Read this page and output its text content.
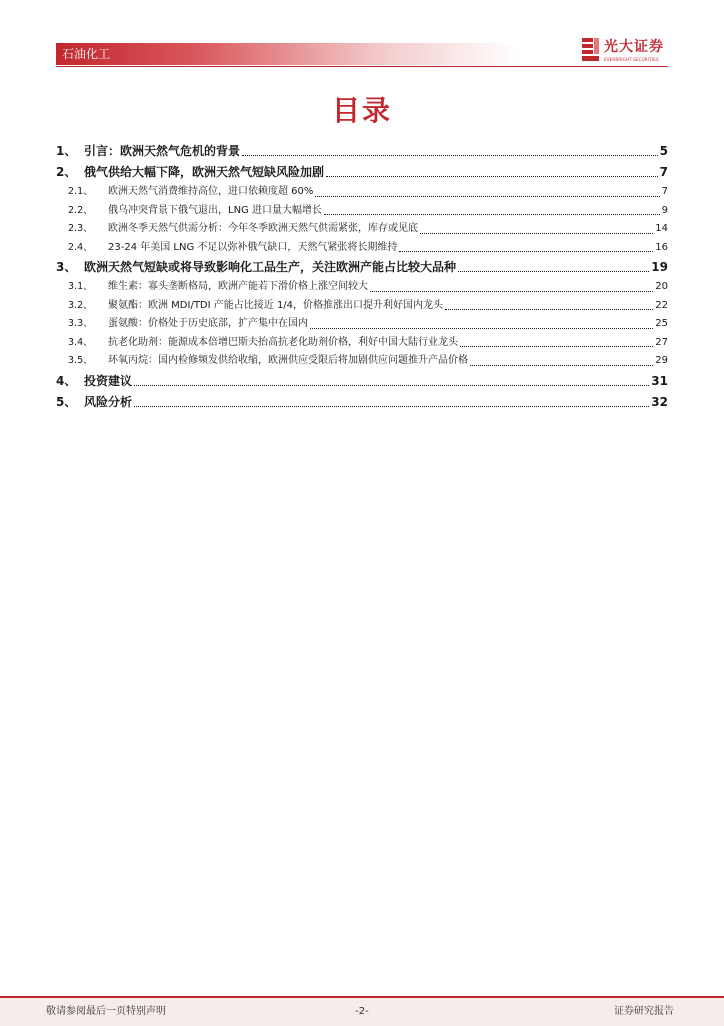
石油化工	光大证券
EVERBRIGHT SECURITIES
目录
1、 引言：欧洲天然气危机的背景	5
2、 俄气供给大幅下降，欧洲天然气短缺风险加剧	7
2.1、	欧洲天然气消费维持高位，进口依赖度超 60%	7
2.2、	俄乌冲突背景下俄气退出，LNG 进口量大幅增长	9
2.3、	欧洲冬季天然气供需分析：今年冬季欧洲天然气供需紧张，库存或见底	14
2.4、	23-24 年美国 LNG 不足以弥补俄气缺口，天然气紧张将长期维持	16
3、 欧洲天然气短缺或将导致影响化工品生产，关注欧洲产能占比较大品种	19
3.1、	维生素：寡头垄断格局，欧洲产能若下滑价格上涨空间较大	20
3.2、	聚氨酯：欧洲 MDI/TDI 产能占比接近 1/4，价格推涨出口提升利好国内龙头	22
3.3、	蛋氨酸：价格处于历史底部，扩产集中在国内	25
3.4、	抗老化助剂：能源成本倍增巴斯夫抬高抗老化助剂价格，利好中国大陆行业龙头	27
3.5、	环氧丙烷：国内检修频发供给收缩，欧洲供应受限后将加剧供应问题推升产品价格	29
4、 投资建议	31
5、 风险分析	32
敬请参阅最后一页特别声明	-2-	证券研究报告
